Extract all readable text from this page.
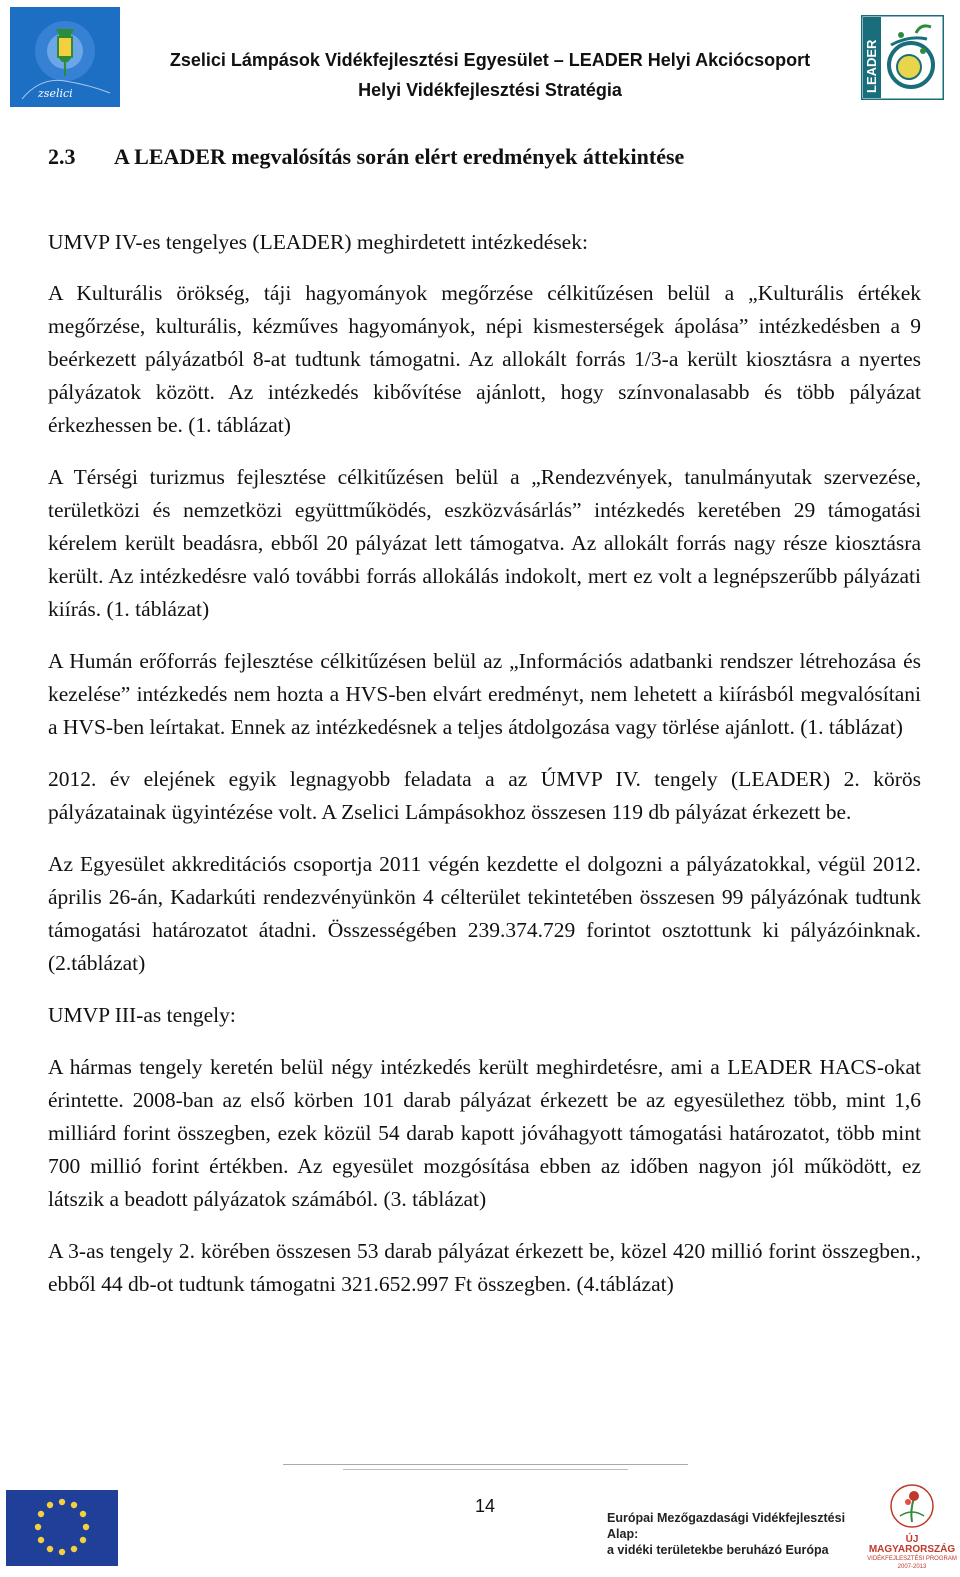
zselici
Zselici Lámpások Vidékfejlesztési Egyesület – LEADER Helyi Akciócsoport
Helyi Vidékfejlesztési Stratégia	LEADER
2.3 A LEADER megvalósítás során elért eredmények áttekintése

UMVP IV-es tengelyes (LEADER) meghirdetett intézkedések:

A Kulturális örökség, táji hagyományok megőrzése célkitűzésen belül a „Kulturális értékek megőrzése, kulturális, kézműves hagyományok, népi kismesterségek ápolása” intézkedésben a 9 beérkezett pályázatból 8-at tudtunk támogatni. Az allokált forrás 1/3-a került kiosztásra a nyertes pályázatok között. Az intézkedés kibővítése ajánlott, hogy színvonalasabb és több pályázat érkezhessen be. (1. táblázat)

A Térségi turizmus fejlesztése célkitűzésen belül a „Rendezvények, tanulmányutak szervezése, területközi és nemzetközi együttműködés, eszközvásárlás” intézkedés keretében 29 támogatási kérelem került beadásra, ebből 20 pályázat lett támogatva. Az allokált forrás nagy része kiosztásra került. Az intézkedésre való további forrás allokálás indokolt, mert ez volt a legnépszerűbb pályázati kiírás. (1. táblázat)

A Humán erőforrás fejlesztése célkitűzésen belül az „Információs adatbanki rendszer létrehozása és kezelése” intézkedés nem hozta a HVS-ben elvárt eredményt, nem lehetett a kiírásból megvalósítani a HVS-ben leírtakat. Ennek az intézkedésnek a teljes átdolgozása vagy törlése ajánlott. (1. táblázat)

2012. év elejének egyik legnagyobb feladata a az ÚMVP IV. tengely (LEADER) 2. körös pályázatainak ügyintézése volt. A Zselici Lámpásokhoz összesen 119 db pályázat érkezett be.

Az Egyesület akkreditációs csoportja 2011 végén kezdette el dolgozni a pályázatokkal, végül 2012. április 26-án, Kadarkúti rendezvényünkön 4 célterület tekintetében összesen 99 pályázónak tudtunk támogatási határozatot átadni. Összességében 239.374.729 forintot osztottunk ki pályázóinknak. (2.táblázat)

UMVP III-as tengely:

A hármas tengely keretén belül négy intézkedés került meghirdetésre, ami a LEADER HACS-okat érintette. 2008-ban az első körben 101 darab pályázat érkezett be az egyesülethez több, mint 1,6 milliárd forint összegben, ezek közül 54 darab kapott jóváhagyott támogatási határozatot, több mint 700 millió forint értékben. Az egyesület mozgósítása ebben az időben nagyon jól működött, ez látszik a beadott pályázatok számából. (3. táblázat)

A 3-as tengely 2. körében összesen 53 darab pályázat érkezett be, közel 420 millió forint összegben., ebből 44 db-ot tudtunk támogatni 321.652.997 Ft összegben. (4.táblázat)

14
Európai Mezőgazdasági Vidékfejlesztési Alap:
a vidéki területekbe beruházó Európa
ÚJ MAGYARORSZÁG
VIDÉKFEJLESZTÉSI PROGRAM
2007-2013
